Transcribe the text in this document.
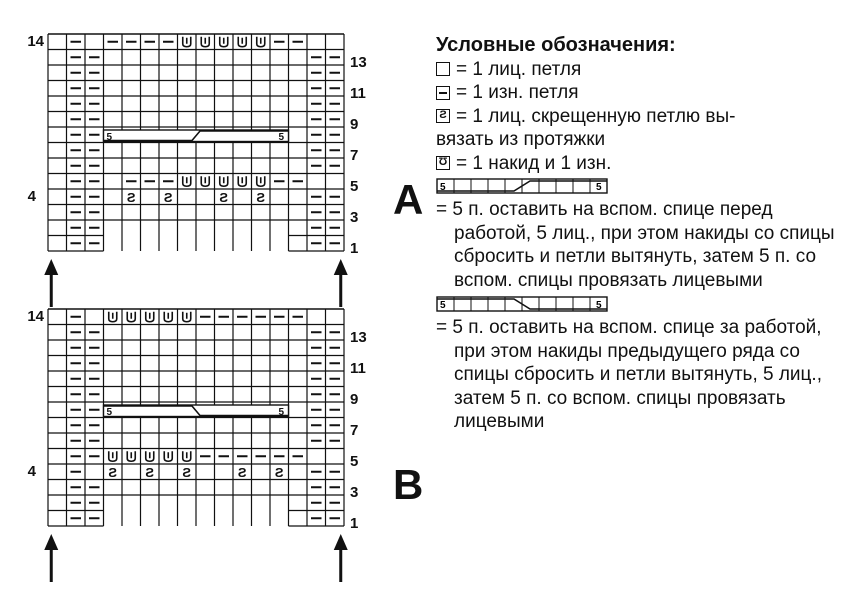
Ƨ Ƨ	Ƨ Ƨ
5	5
13
11
9
7
5
3
1
14
4
Ƨ Ƨ Ƨ	Ƨ Ƨ
5	5
13
11
9
7
5
3
1
14
4
A
B
Условные обозначения:
= 1 лиц. петля
= 1 изн. петля
Ƨ = 1 лиц. скрещенную петлю вы-
вязать из протяжки
Ʊ = 1 накид и 1 изн.
5	5
= 5 п. оставить на вспом. спице перед работой, 5 лиц., при этом накиды со спицы сбросить и петли вытянуть, затем 5 п. со вспом. спицы провязать лицевыми
5	5
= 5 п. оставить на вспом. спице за работой, при этом накиды предыдущего ряда со спицы сбросить и петли вытянуть, 5 лиц., затем 5 п. со вспом. спицы провязать лицевыми
